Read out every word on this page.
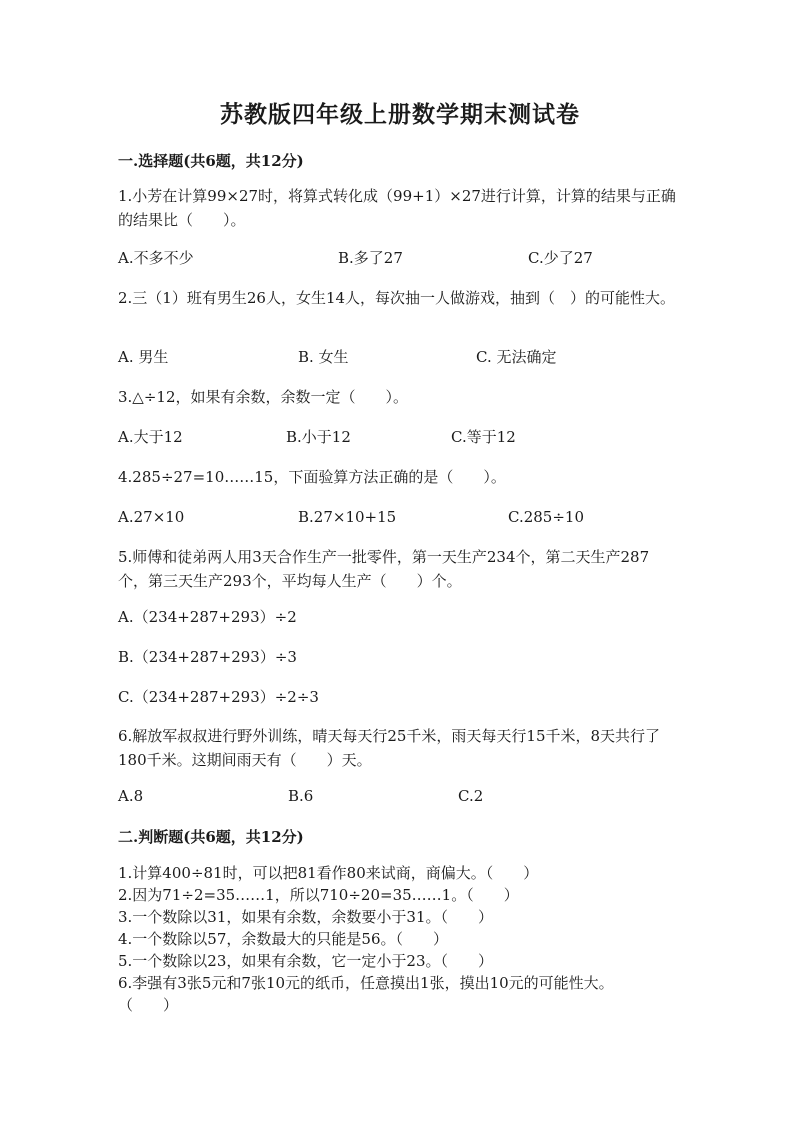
苏教版四年级上册数学期末测试卷
一.选择题(共6题，共12分)
1.小芳在计算99×27时，将算式转化成（99+1）×27进行计算，计算的结果与正确的结果比（　　）。
A.不多不少	B.多了27	C.少了27
2.三（1）班有男生26人，女生14人，每次抽一人做游戏，抽到（　）的可能性大。
A. 男生	B. 女生	C. 无法确定
3.△÷12，如果有余数，余数一定（　　）。
A.大于12	B.小于12	C.等于12
4.285÷27=10……15，下面验算方法正确的是（　　）。
A.27×10	B.27×10+15	C.285÷10
5.师傅和徒弟两人用3天合作生产一批零件，第一天生产234个，第二天生产287个，第三天生产293个，平均每人生产（　　）个。
A.（234+287+293）÷2
B.（234+287+293）÷3
C.（234+287+293）÷2÷3
6.解放军叔叔进行野外训练，晴天每天行25千米，雨天每天行15千米，8天共行了180千米。这期间雨天有（　　）天。
A.8	B.6	C.2
二.判断题(共6题，共12分)
1.计算400÷81时，可以把81看作80来试商，商偏大。（　　）
2.因为71÷2=35……1，所以710÷20=35……1。（　　）
3.一个数除以31，如果有余数，余数要小于31。（　　）
4.一个数除以57，余数最大的只能是56。（　　）
5.一个数除以23，如果有余数，它一定小于23。（　　）
6.李强有3张5元和7张10元的纸币，任意摸出1张，摸出10元的可能性大。　　（　　）
